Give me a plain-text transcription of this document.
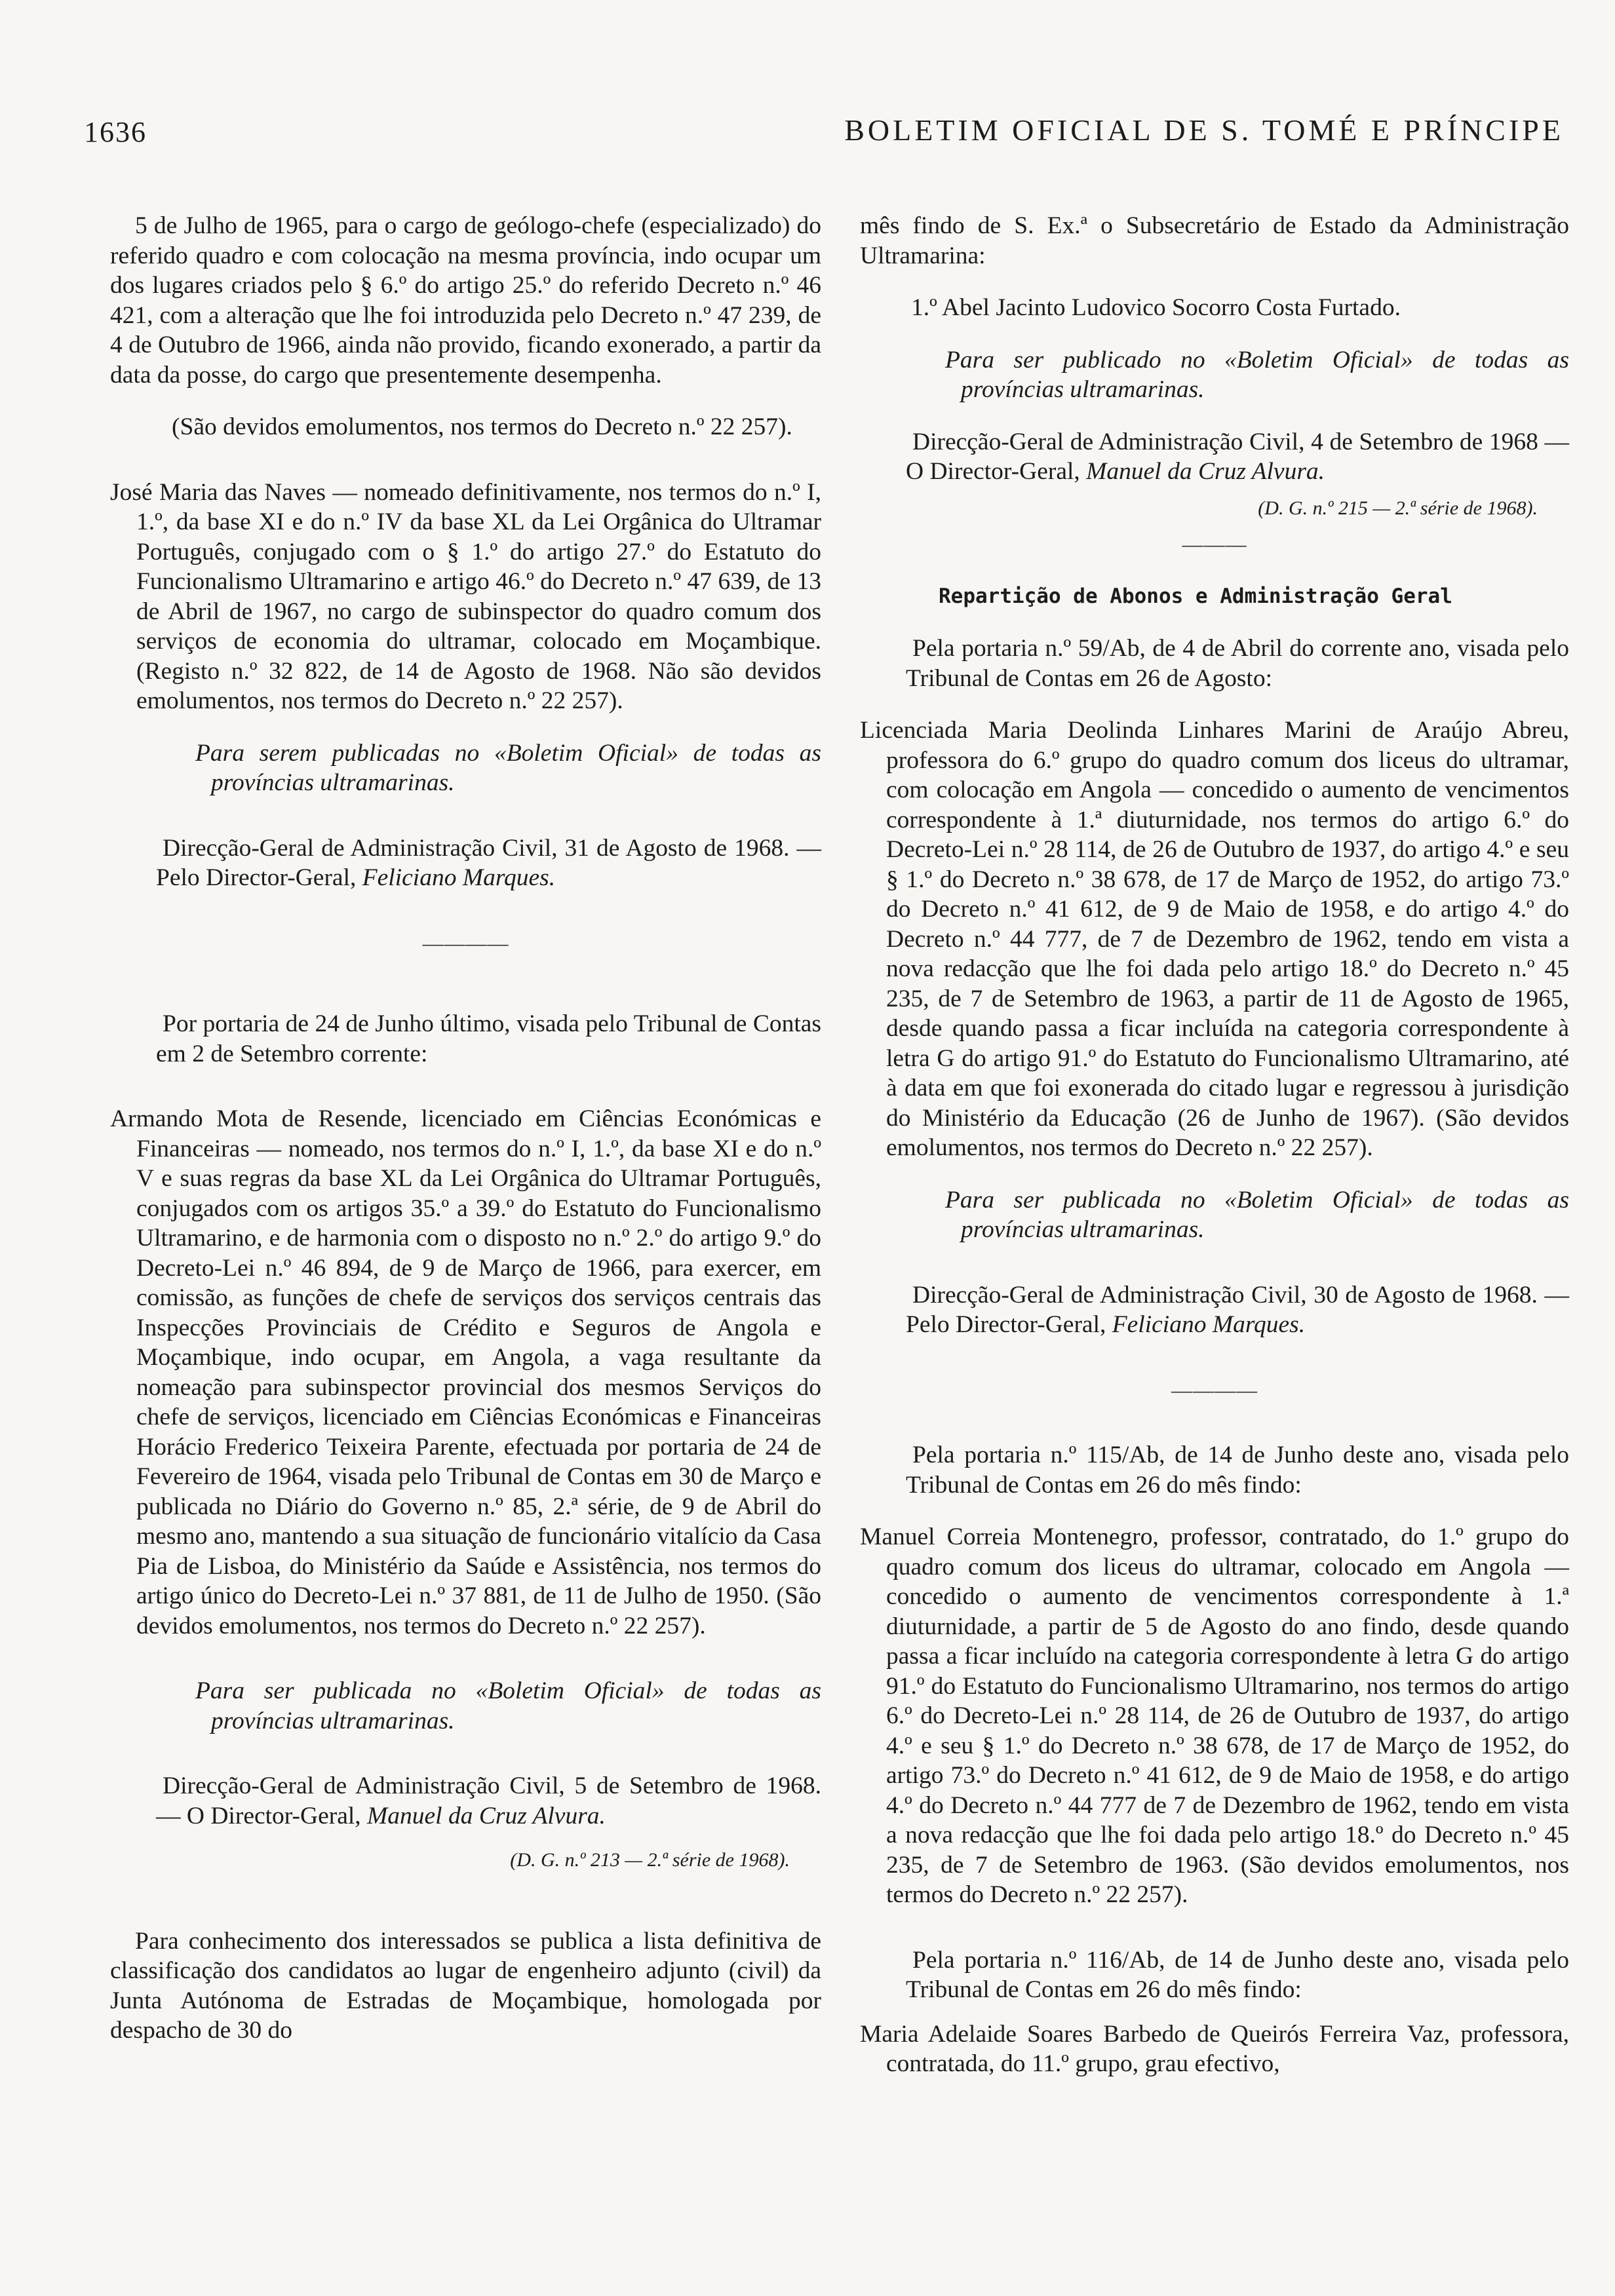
1636	BOLETIM OFICIAL DE S. TOMÉ E PRÍNCIPE

5 de Julho de 1965, para o cargo de geólogo-chefe (especializado) do referido quadro e com colocação na mesma província, indo ocupar um dos lugares criados pelo § 6.º do artigo 25.º do referido Decreto n.º 46 421, com a alteração que lhe foi introduzida pelo Decreto n.º 47 239, de 4 de Outubro de 1966, ainda não provido, ficando exonerado, a partir da data da posse, do cargo que presentemente desempenha.

(São devidos emolumentos, nos termos do Decreto n.º 22 257).

José Maria das Naves — nomeado definitivamente, nos termos do n.º I, 1.º, da base XI e do n.º IV da base XL da Lei Orgânica do Ultramar Português, conjugado com o § 1.º do artigo 27.º do Estatuto do Funcionalismo Ultramarino e artigo 46.º do Decreto n.º 47 639, de 13 de Abril de 1967, no cargo de subinspector do quadro comum dos serviços de economia do ultramar, colocado em Moçambique. (Registo n.º 32 822, de 14 de Agosto de 1968. Não são devidos emolumentos, nos termos do Decreto n.º 22 257).

Para serem publicadas no «Boletim Oficial» de todas as províncias ultramarinas.

Direcção-Geral de Administração Civil, 31 de Agosto de 1968. — Pelo Director-Geral, Feliciano Marques.

————

Por portaria de 24 de Junho último, visada pelo Tribunal de Contas em 2 de Setembro corrente:

Armando Mota de Resende, licenciado em Ciências Económicas e Financeiras — nomeado, nos termos do n.º I, 1.º, da base XI e do n.º V e suas regras da base XL da Lei Orgânica do Ultramar Português, conjugados com os artigos 35.º a 39.º do Estatuto do Funcionalismo Ultramarino, e de harmonia com o disposto no n.º 2.º do artigo 9.º do Decreto-Lei n.º 46 894, de 9 de Março de 1966, para exercer, em comissão, as funções de chefe de serviços dos serviços centrais das Inspecções Provinciais de Crédito e Seguros de Angola e Moçambique, indo ocupar, em Angola, a vaga resultante da nomeação para subinspector provincial dos mesmos Serviços do chefe de serviços, licenciado em Ciências Económicas e Financeiras Horácio Frederico Teixeira Parente, efectuada por portaria de 24 de Fevereiro de 1964, visada pelo Tribunal de Contas em 30 de Março e publicada no Diário do Governo n.º 85, 2.ª série, de 9 de Abril do mesmo ano, mantendo a sua situação de funcionário vitalício da Casa Pia de Lisboa, do Ministério da Saúde e Assistência, nos termos do artigo único do Decreto-Lei n.º 37 881, de 11 de Julho de 1950. (São devidos emolumentos, nos termos do Decreto n.º 22 257).

Para ser publicada no «Boletim Oficial» de todas as províncias ultramarinas.

Direcção-Geral de Administração Civil, 5 de Setembro de 1968. — O Director-Geral, Manuel da Cruz Alvura.

(D. G. n.º 213 — 2.ª série de 1968).

Para conhecimento dos interessados se publica a lista definitiva de classificação dos candidatos ao lugar de engenheiro adjunto (civil) da Junta Autónoma de Estradas de Moçambique, homologada por despacho de 30 do

mês findo de S. Ex.ª o Subsecretário de Estado da Administração Ultramarina:

1.º Abel Jacinto Ludovico Socorro Costa Furtado.

Para ser publicado no «Boletim Oficial» de todas as províncias ultramarinas.

Direcção-Geral de Administração Civil, 4 de Setembro de 1968 — O Director-Geral, Manuel da Cruz Alvura.

(D. G. n.º 215 — 2.ª série de 1968).

———

Repartição de Abonos e Administração Geral

Pela portaria n.º 59/Ab, de 4 de Abril do corrente ano, visada pelo Tribunal de Contas em 26 de Agosto:

Licenciada Maria Deolinda Linhares Marini de Araújo Abreu, professora do 6.º grupo do quadro comum dos liceus do ultramar, com colocação em Angola — concedido o aumento de vencimentos correspondente à 1.ª diuturnidade, nos termos do artigo 6.º do Decreto-Lei n.º 28 114, de 26 de Outubro de 1937, do artigo 4.º e seu § 1.º do Decreto n.º 38 678, de 17 de Março de 1952, do artigo 73.º do Decreto n.º 41 612, de 9 de Maio de 1958, e do artigo 4.º do Decreto n.º 44 777, de 7 de Dezembro de 1962, tendo em vista a nova redacção que lhe foi dada pelo artigo 18.º do Decreto n.º 45 235, de 7 de Setembro de 1963, a partir de 11 de Agosto de 1965, desde quando passa a ficar incluída na categoria correspondente à letra G do artigo 91.º do Estatuto do Funcionalismo Ultramarino, até à data em que foi exonerada do citado lugar e regressou à jurisdição do Ministério da Educação (26 de Junho de 1967). (São devidos emolumentos, nos termos do Decreto n.º 22 257).

Para ser publicada no «Boletim Oficial» de todas as províncias ultramarinas.

Direcção-Geral de Administração Civil, 30 de Agosto de 1968. — Pelo Director-Geral, Feliciano Marques.

————

Pela portaria n.º 115/Ab, de 14 de Junho deste ano, visada pelo Tribunal de Contas em 26 do mês findo:

Manuel Correia Montenegro, professor, contratado, do 1.º grupo do quadro comum dos liceus do ultramar, colocado em Angola — concedido o aumento de vencimentos correspondente à 1.ª diuturnidade, a partir de 5 de Agosto do ano findo, desde quando passa a ficar incluído na categoria correspondente à letra G do artigo 91.º do Estatuto do Funcionalismo Ultramarino, nos termos do artigo 6.º do Decreto-Lei n.º 28 114, de 26 de Outubro de 1937, do artigo 4.º e seu § 1.º do Decreto n.º 38 678, de 17 de Março de 1952, do artigo 73.º do Decreto n.º 41 612, de 9 de Maio de 1958, e do artigo 4.º do Decreto n.º 44 777 de 7 de Dezembro de 1962, tendo em vista a nova redacção que lhe foi dada pelo artigo 18.º do Decreto n.º 45 235, de 7 de Setembro de 1963. (São devidos emolumentos, nos termos do Decreto n.º 22 257).

Pela portaria n.º 116/Ab, de 14 de Junho deste ano, visada pelo Tribunal de Contas em 26 do mês findo:

Maria Adelaide Soares Barbedo de Queirós Ferreira Vaz, professora, contratada, do 11.º grupo, grau efectivo,
